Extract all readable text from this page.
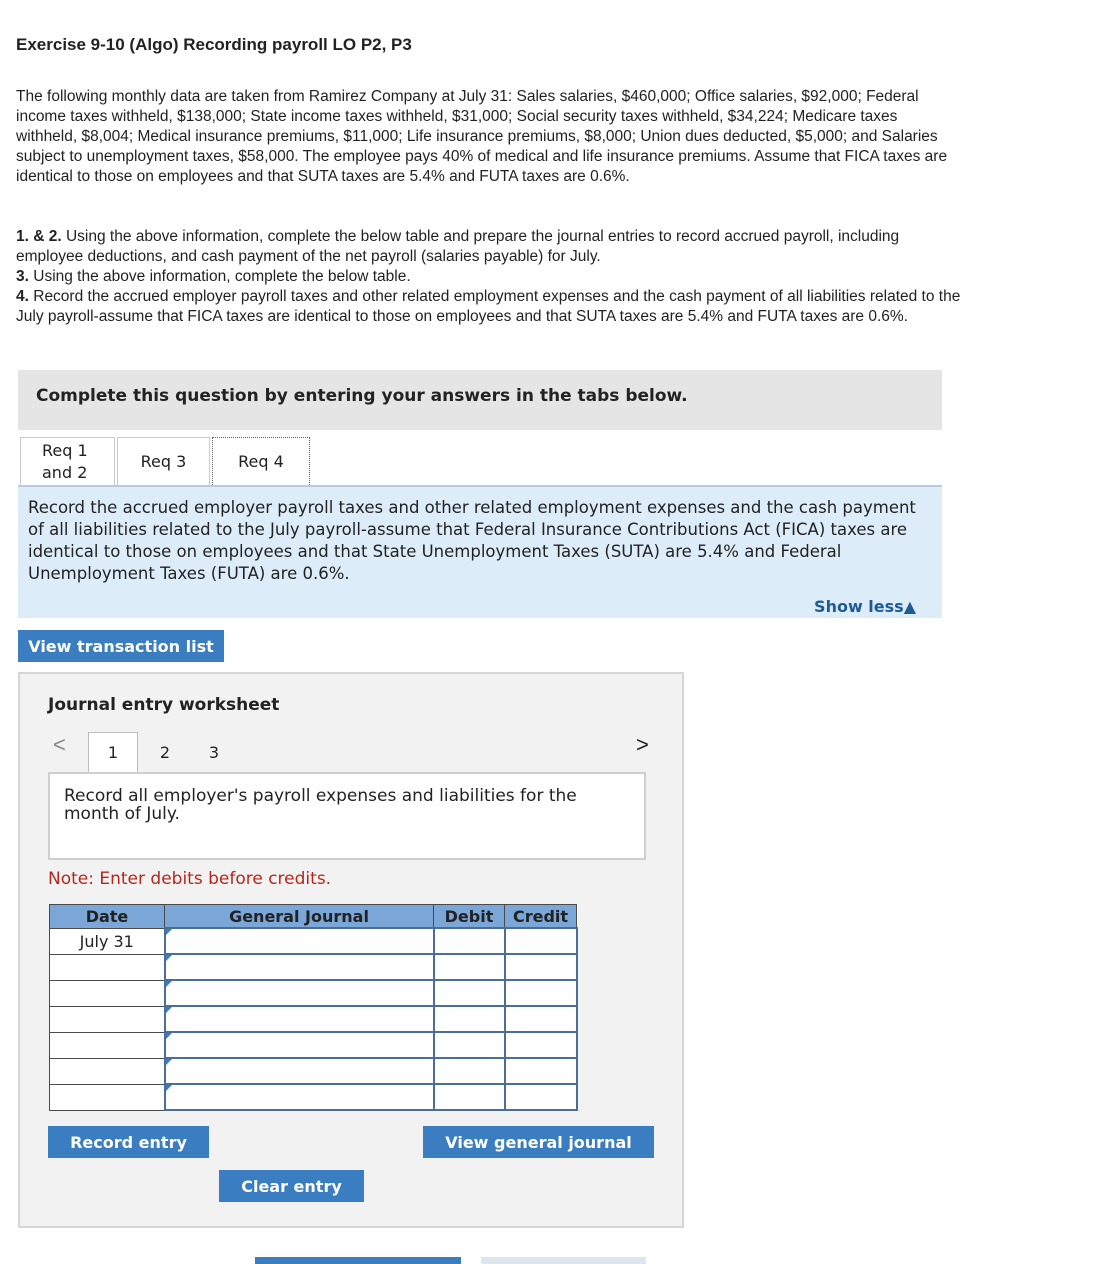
Exercise 9-10 (Algo) Recording payroll LO P2, P3
The following monthly data are taken from Ramirez Company at July 31: Sales salaries, $460,000; Office salaries, $92,000; Federal income taxes withheld, $138,000; State income taxes withheld, $31,000; Social security taxes withheld, $34,224; Medicare taxes withheld, $8,004; Medical insurance premiums, $11,000; Life insurance premiums, $8,000; Union dues deducted, $5,000; and Salaries subject to unemployment taxes, $58,000. The employee pays 40% of medical and life insurance premiums. Assume that FICA taxes are identical to those on employees and that SUTA taxes are 5.4% and FUTA taxes are 0.6%.
1. & 2. Using the above information, complete the below table and prepare the journal entries to record accrued payroll, including employee deductions, and cash payment of the net payroll (salaries payable) for July.
3. Using the above information, complete the below table.
4. Record the accrued employer payroll taxes and other related employment expenses and the cash payment of all liabilities related to the July payroll-assume that FICA taxes are identical to those on employees and that SUTA taxes are 5.4% and FUTA taxes are 0.6%.
Complete this question by entering your answers in the tabs below.
Req 1
and 2
Req 3	Req 4
Record the accrued employer payroll taxes and other related employment expenses and the cash payment of all liabilities related to the July payroll-assume that Federal Insurance Contributions Act (FICA) taxes are identical to those on employees and that State Unemployment Taxes (SUTA) are 5.4% and Federal Unemployment Taxes (FUTA) are 0.6%.
Show less▲
View transaction list
Journal entry worksheet
<	1	2	3	>
Record all employer's payroll expenses and liabilities for the month of July.
Note: Enter debits before credits.
Date	General Journal	Debit	Credit
July 31	

Record entry	View general journal
Clear entry
